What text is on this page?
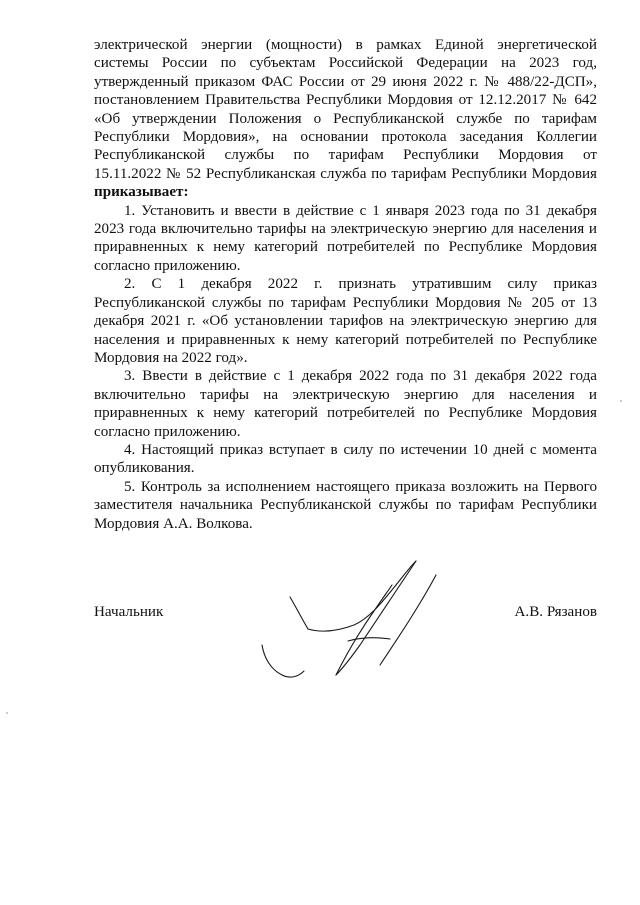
электрической энергии (мощности) в рамках Единой энергетической

системы России по субъектам Российской Федерации на 2023 год,

утвержденный приказом ФАС России от 29 июня 2022 г. № 488/22-ДСП»,

постановлением Правительства Республики Мордовия от 12.12.2017 № 642

«Об утверждении Положения о Республиканской службе по тарифам

Республики Мордовия», на основании протокола заседания Коллегии

Республиканской службы по тарифам Республики Мордовия от

15.11.2022 № 52 Республиканская служба по тарифам Республики Мордовия

приказывает:

1. Установить и ввести в действие с 1 января 2023 года по 31 декабря 2023 года включительно тарифы на электрическую энергию для населения и приравненных к нему категорий потребителей по Республике Мордовия согласно приложению.

2. С 1 декабря 2022 г. признать утратившим силу приказ Республиканской службы по тарифам Республики Мордовия № 205 от 13 декабря 2021 г. «Об установлении тарифов на электрическую энергию для населения и приравненных к нему категорий потребителей по Республике Мордовия на 2022 год».

3. Ввести в действие с 1 декабря 2022 года по 31 декабря 2022 года включительно тарифы на электрическую энергию для населения и приравненных к нему категорий потребителей по Республике Мордовия согласно приложению.

4. Настоящий приказ вступает в силу по истечении 10 дней с момента опубликования.

5. Контроль за исполнением настоящего приказа возложить на Первого заместителя начальника Республиканской службы по тарифам Республики Мордовия А.А. Волкова.

Начальник	А.В. Рязанов
